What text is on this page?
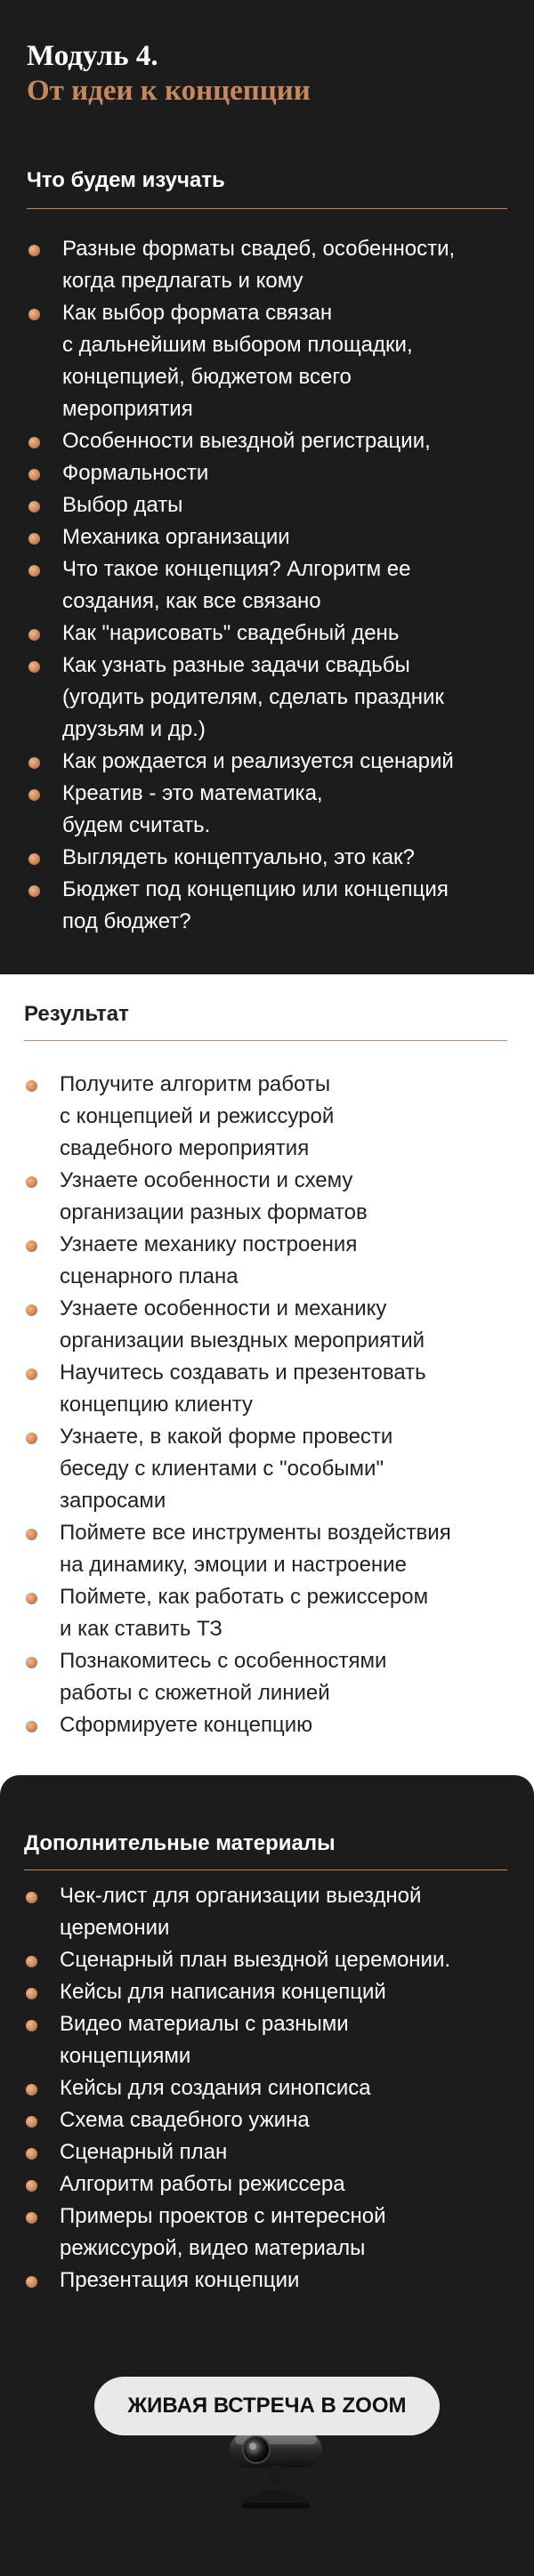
Модуль 4.
От идеи к концепции
Что будем изучать
Разные форматы свадеб, особенности,
когда предлагать и кому
Как выбор формата связан
с дальнейшим выбором площадки,
концепцией, бюджетом всего
мероприятия
Особенности выездной регистрации,
Формальности
Выбор даты
Механика организации
Что такое концепция? Алгоритм ее
создания, как все связано
Как "нарисовать" свадебный день
Как узнать разные задачи свадьбы
(угодить родителям, сделать праздник
друзьям и др.)
Как рождается и реализуется сценарий
Креатив - это математика,
будем считать.
Выглядеть концептуально, это как?
Бюджет под концепцию или концепция
под бюджет?
Результат
Получите алгоритм работы
с концепцией и режиссурой
свадебного мероприятия
Узнаете особенности и схему
организации разных форматов
Узнаете механику построения
сценарного плана
Узнаете особенности и механику
организации выездных мероприятий
Научитесь создавать и презентовать
концепцию клиенту
Узнаете, в какой форме провести
беседу с клиентами с "особыми"
запросами
Поймете все инструменты воздействия
на динамику, эмоции и настроение
Поймете, как работать с режиссером
и как ставить ТЗ
Познакомитесь с особенностями
работы с сюжетной линией
Сформируете концепцию
Дополнительные материалы
Чек-лист для организации выездной
церемонии
Сценарный план выездной церемонии.
Кейсы для написания концепций
Видео материалы с разными
концепциями
Кейсы для создания синопсиса
Схема свадебного ужина
Сценарный план
Алгоритм работы режиссера
Примеры проектов с интересной
режиссурой, видео материалы
Презентация концепции
ЖИВАЯ ВСТРЕЧА В ZOOM
